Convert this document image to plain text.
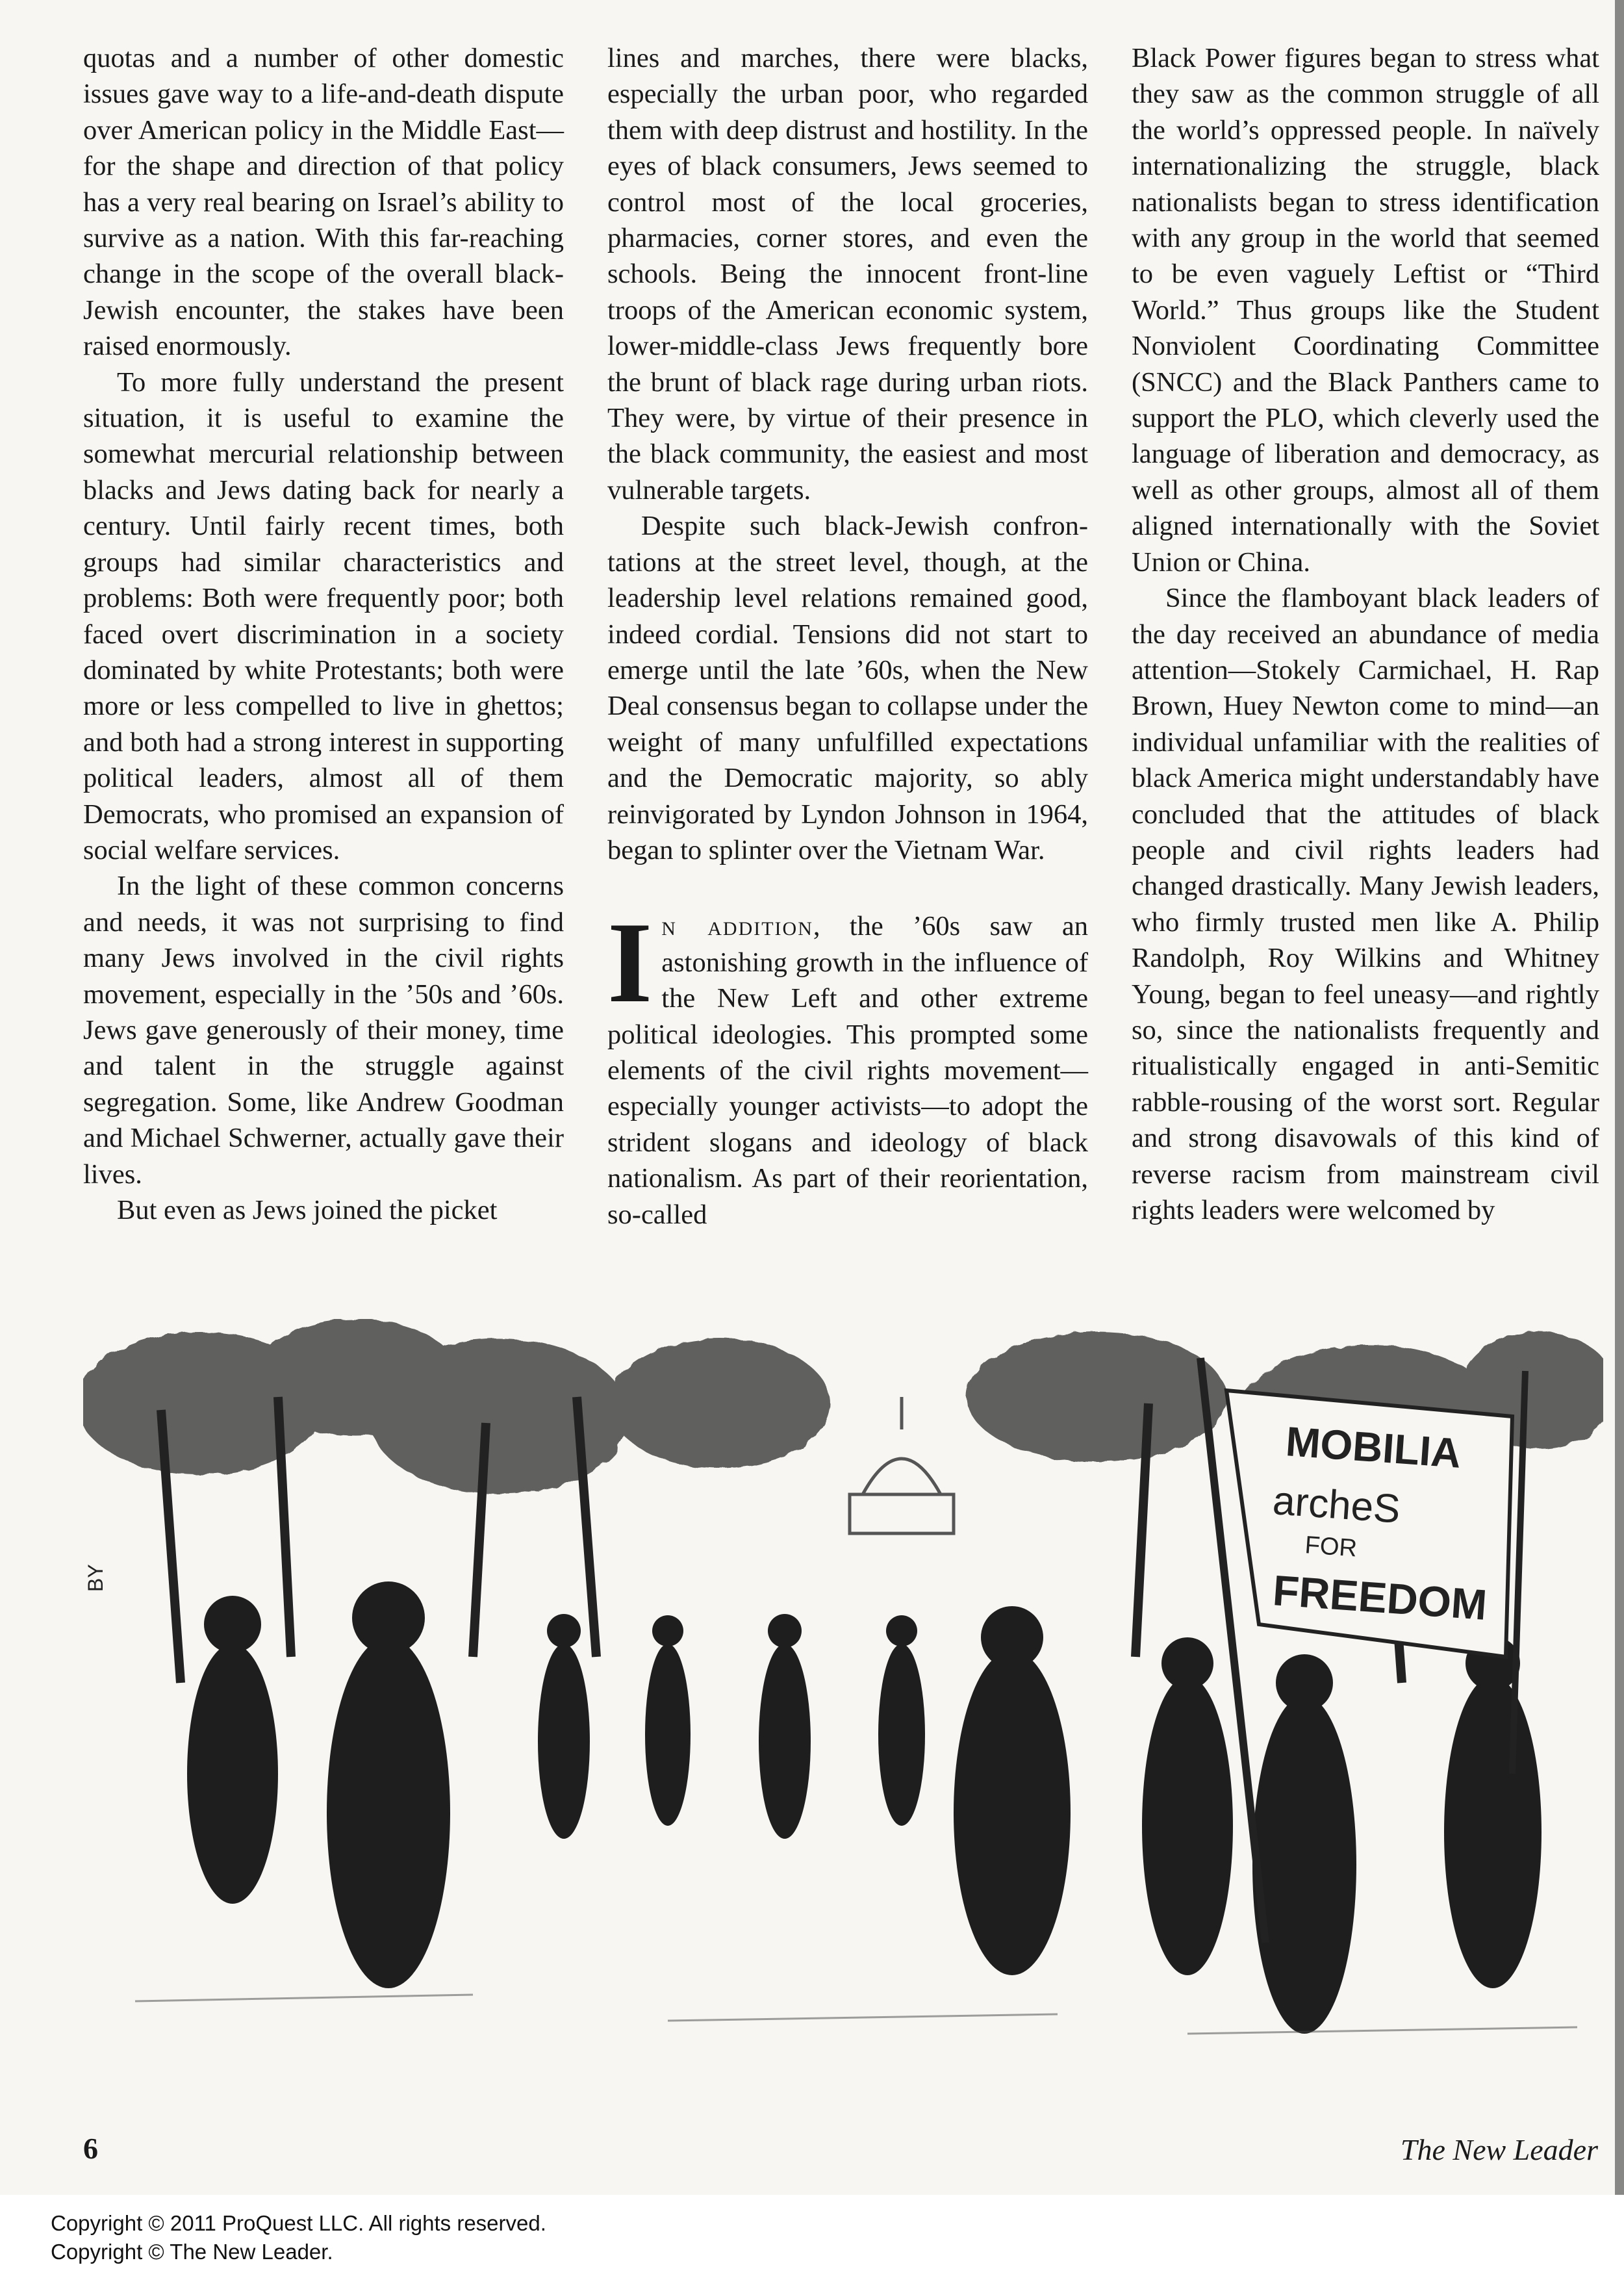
quotas and a number of other domestic issues gave way to a life-and-death dispute over American policy in the Middle East—for the shape and direction of that policy has a very real bearing on Israel’s ability to survive as a nation. With this far-reaching change in the scope of the overall black-Jewish encounter, the stakes have been raised enormously.

To more fully understand the present situation, it is useful to examine the somewhat mercurial relationship between blacks and Jews dating back for nearly a century. Until fairly recent times, both groups had similar characteristics and problems: Both were frequently poor; both faced overt discrimination in a society dominated by white Protestants; both were more or less compelled to live in ghettos; and both had a strong interest in supporting political leaders, almost all of them Democrats, who promised an expansion of social welfare services.

In the light of these common concerns and needs, it was not surprising to find many Jews involved in the civil rights movement, especially in the ’50s and ’60s. Jews gave generously of their money, time and talent in the struggle against segregation. Some, like Andrew Goodman and Michael Schwerner, actually gave their lives.

But even as Jews joined the picket

lines and marches, there were blacks, especially the urban poor, who regarded them with deep distrust and hostility. In the eyes of black consumers, Jews seemed to control most of the local groceries, pharmacies, corner stores, and even the schools. Being the innocent front-line troops of the American economic system, lower-middle-class Jews frequently bore the brunt of black rage during urban riots. They were, by virtue of their presence in the black community, the easiest and most vulnerable targets.

Despite such black-Jewish confrontations at the street level, though, at the leadership level relations remained good, indeed cordial. Tensions did not start to emerge until the late ’60s, when the New Deal consensus began to collapse under the weight of many unfulfilled expectations and the Democratic majority, so ably reinvigorated by Lyndon Johnson in 1964, began to splinter over the Vietnam War.

In addition, the ’60s saw an astonishing growth in the influence of the New Left and other extreme political ideologies. This prompted some elements of the civil rights movement—especially younger activists—to adopt the strident slogans and ideology of black nationalism. As part of their reorientation, so-called

Black Power figures began to stress what they saw as the common struggle of all the world’s oppressed people. In naïvely internationalizing the struggle, black nationalists began to stress identification with any group in the world that seemed to be even vaguely Leftist or “Third World.” Thus groups like the Student Nonviolent Coordinating Committee (SNCC) and the Black Panthers came to support the PLO, which cleverly used the language of liberation and democracy, as well as other groups, almost all of them aligned internationally with the Soviet Union or China.

Since the flamboyant black leaders of the day received an abundance of media attention—Stokely Carmichael, H. Rap Brown, Huey Newton come to mind—an individual unfamiliar with the realities of black America might understandably have concluded that the attitudes of black people and civil rights leaders had changed drastically. Many Jewish leaders, who firmly trusted men like A. Philip Randolph, Roy Wilkins and Whitney Young, began to feel uneasy—and rightly so, since the nationalists frequently and ritualistically engaged in anti-Semitic rabble-rousing of the worst sort. Regular and strong disavowals of this kind of reverse racism from mainstream civil rights leaders were welcomed by

MOBILIA
archeS
FOR
FREEDOM
BY
6	The New Leader
Copyright © 2011 ProQuest LLC. All rights reserved.
Copyright © The New Leader.
